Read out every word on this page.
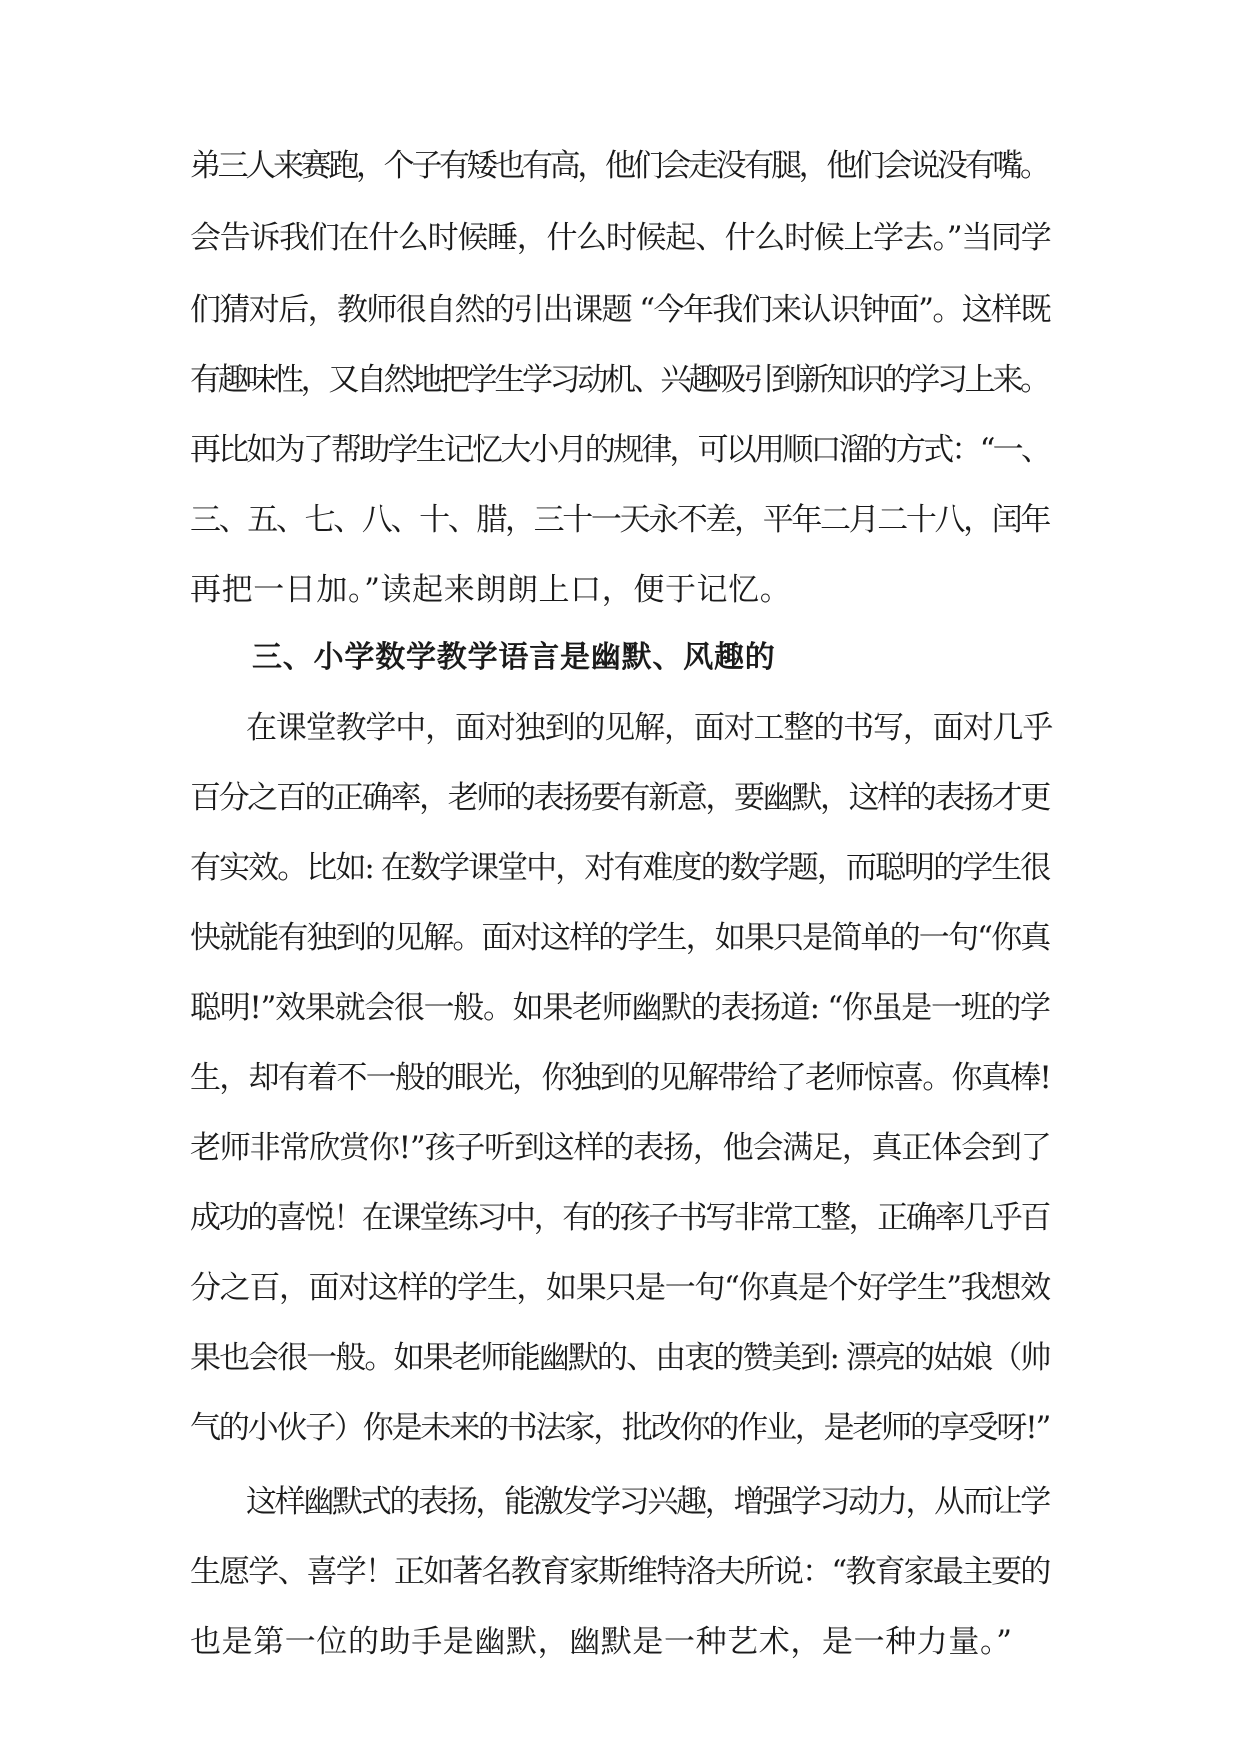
弟三人来赛跑，个子有矮也有高，他们会走没有腿，他们会说没有嘴。
会告诉我们在什么时候睡，什么时候起、什么时候上学去。”当同学
们猜对后，教师很自然的引出课题 “今年我们来认识钟面”。这样既
有趣味性，又自然地把学生学习动机、兴趣吸引到新知识的学习上来。
再比如为了帮助学生记忆大小月的规律，可以用顺口溜的方式：“一、
三、五、七、八、十、腊，三十一天永不差，平年二月二十八，闰年
再把一日加。”读起来朗朗上口，便于记忆。
三、小学数学教学语言是幽默、风趣的
在课堂教学中，面对独到的见解，面对工整的书写，面对几乎
百分之百的正确率，老师的表扬要有新意，要幽默，这样的表扬才更
有实效。比如: 在数学课堂中，对有难度的数学题，而聪明的学生很
快就能有独到的见解。面对这样的学生，如果只是简单的一句“你真
聪明!”效果就会很一般。如果老师幽默的表扬道: “你虽是一班的学
生，却有着不一般的眼光，你独到的见解带给了老师惊喜。你真棒!
老师非常欣赏你!”孩子听到这样的表扬，他会满足，真正体会到了
成功的喜悦！在课堂练习中，有的孩子书写非常工整，正确率几乎百
分之百，面对这样的学生，如果只是一句“你真是个好学生”我想效
果也会很一般。如果老师能幽默的、由衷的赞美到: 漂亮的姑娘（帅
气的小伙子）你是未来的书法家，批改你的作业，是老师的享受呀!”
这样幽默式的表扬，能激发学习兴趣，增强学习动力，从而让学
生愿学、喜学！正如著名教育家斯维特洛夫所说：“教育家最主要的
也是第一位的助手是幽默，幽默是一种艺术，是一种力量。”
